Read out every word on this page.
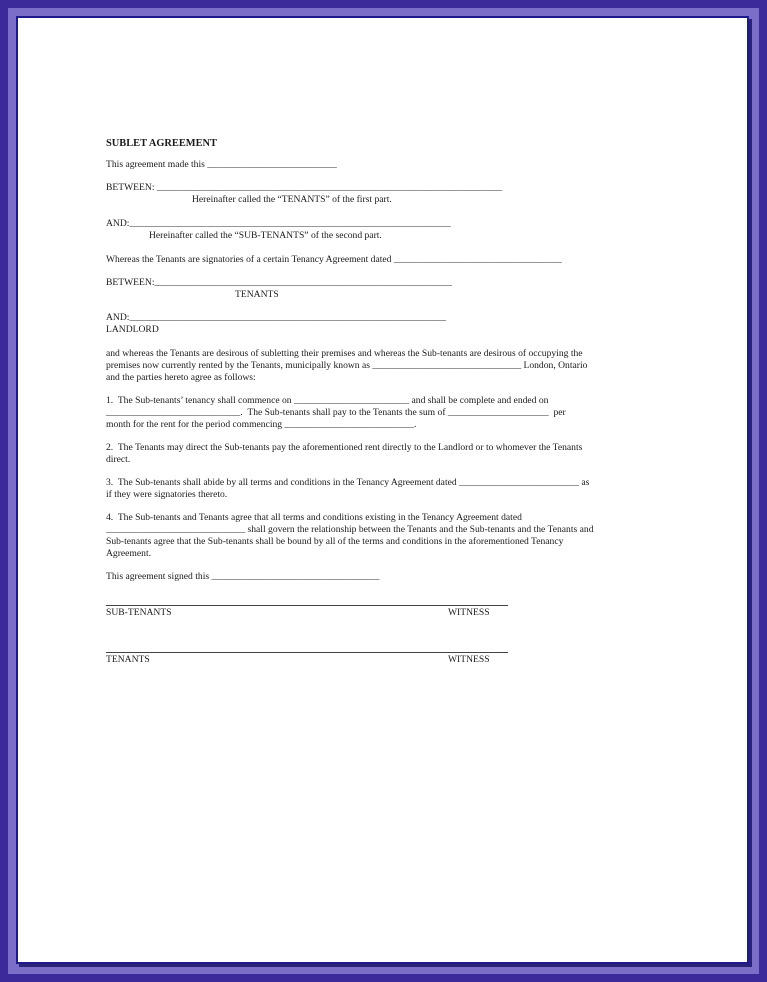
SUBLET AGREEMENT
This agreement made this ___________________________
BETWEEN: ________________________________________________________________________
Hereinafter called the “TENANTS” of the first part.
AND:___________________________________________________________________
Hereinafter called the “SUB-TENANTS” of the second part.
Whereas the Tenants are signatories of a certain Tenancy Agreement dated ___________________________________
BETWEEN:______________________________________________________________
TENANTS
AND:__________________________________________________________________
LANDLORD
and whereas the Tenants are desirous of subletting their premises and whereas the Sub-tenants are desirous of occupying the
premises now currently rented by the Tenants, municipally known as _______________________________ London, Ontario
and the parties hereto agree as follows:
1.  The Sub-tenants’ tenancy shall commence on ________________________ and shall be complete and ended on
____________________________.  The Sub-tenants shall pay to the Tenants the sum of _____________________  per
month for the rent for the period commencing ___________________________.
2.  The Tenants may direct the Sub-tenants pay the aforementioned rent directly to the Landlord or to whomever the Tenants
direct.
3.  The Sub-tenants shall abide by all terms and conditions in the Tenancy Agreement dated _________________________ as
if they were signatories thereto.
4.  The Sub-tenants and Tenants agree that all terms and conditions existing in the Tenancy Agreement dated
_____________________________ shall govern the relationship between the Tenants and the Sub-tenants and the Tenants and
Sub-tenants agree that the Sub-tenants shall be bound by all of the terms and conditions in the aforementioned Tenancy
Agreement.
This agreement signed this ___________________________________
SUB-TENANTS	WITNESS
TENANTS	WITNESS
